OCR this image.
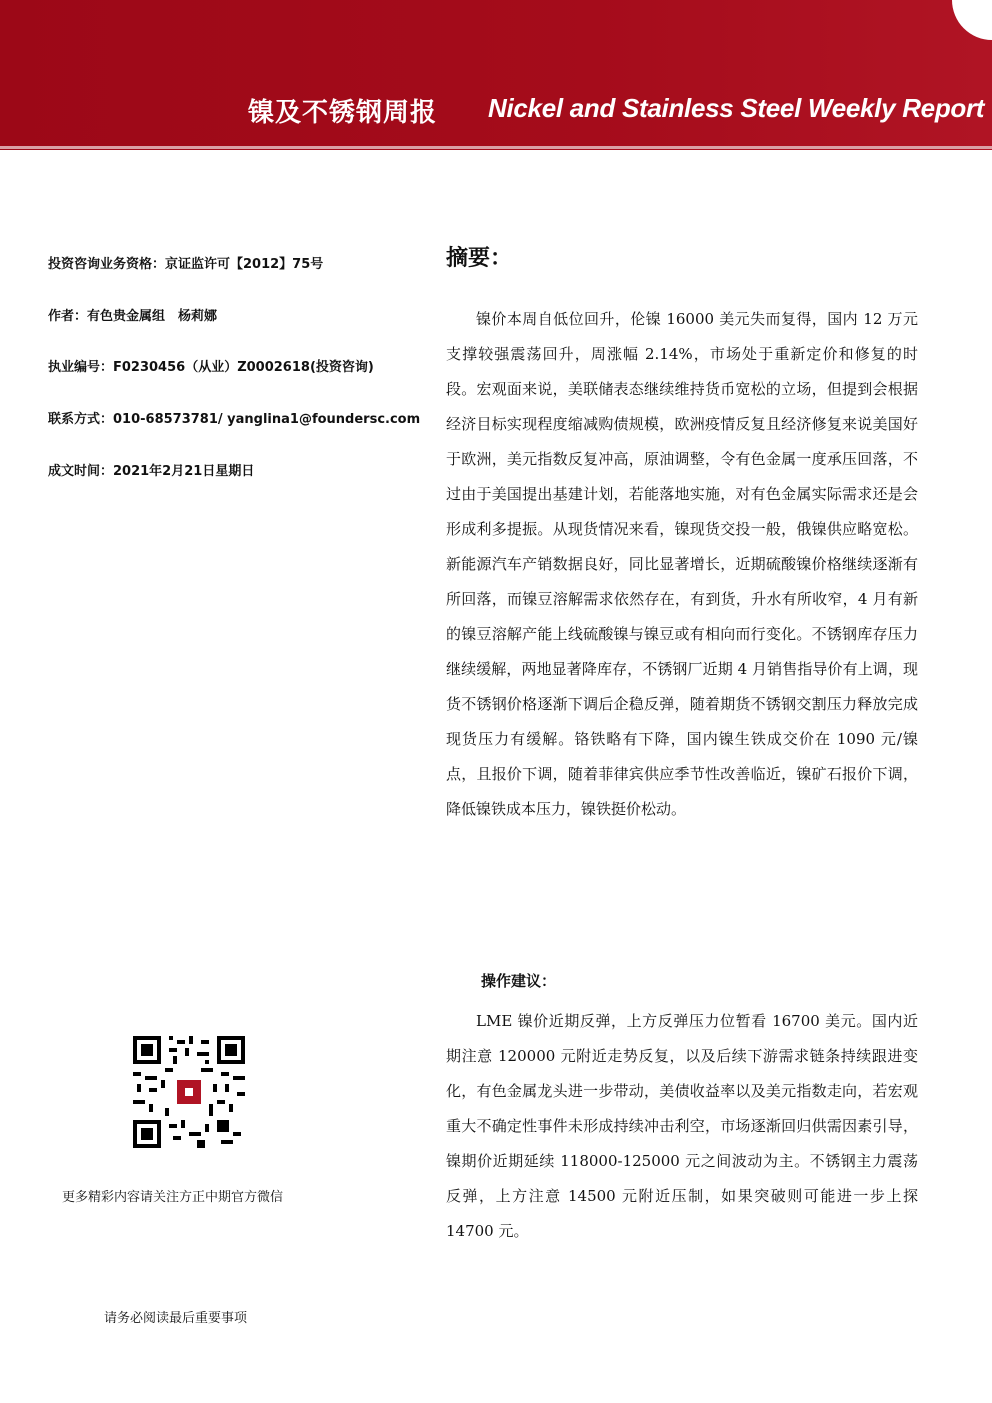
镍及不锈钢周报 Nickel and Stainless Steel Weekly Report
投资咨询业务资格：京证监许可【2012】75号
作者：有色贵金属组　杨莉娜
执业编号：F0230456（从业）Z0002618(投资咨询)
联系方式：010-68573781/ yanglina1@foundersc.com
成文时间：2021年2月21日星期日
摘要：

镍价本周自低位回升，伦镍 16000 美元失而复得，国内 12 万元支撑较强震荡回升，周涨幅 2.14%，市场处于重新定价和修复的时段。宏观面来说，美联储表态继续维持货币宽松的立场，但提到会根据经济目标实现程度缩减购债规模，欧洲疫情反复且经济修复来说美国好于欧洲，美元指数反复冲高，原油调整，令有色金属一度承压回落，不过由于美国提出基建计划，若能落地实施，对有色金属实际需求还是会形成利多提振。从现货情况来看，镍现货交投一般，俄镍供应略宽松。新能源汽车产销数据良好，同比显著增长，近期硫酸镍价格继续逐渐有所回落，而镍豆溶解需求依然存在，有到货，升水有所收窄，4 月有新的镍豆溶解产能上线硫酸镍与镍豆或有相向而行变化。不锈钢库存压力继续缓解，两地显著降库存，不锈钢厂近期 4 月销售指导价有上调，现货不锈钢价格逐渐下调后企稳反弹，随着期货不锈钢交割压力释放完成现货压力有缓解。铬铁略有下降，国内镍生铁成交价在 1090 元/镍点，且报价下调，随着菲律宾供应季节性改善临近，镍矿石报价下调，降低镍铁成本压力，镍铁挺价松动。

操作建议：

LME 镍价近期反弹，上方反弹压力位暂看 16700 美元。国内近期注意 120000 元附近走势反复，以及后续下游需求链条持续跟进变化，有色金属龙头进一步带动，美债收益率以及美元指数走向，若宏观重大不确定性事件未形成持续冲击利空，市场逐渐回归供需因素引导，镍期价近期延续 118000-125000 元之间波动为主。不锈钢主力震荡反弹，上方注意 14500 元附近压制，如果突破则可能进一步上探 14700 元。

更多精彩内容请关注方正中期官方微信
请务必阅读最后重要事项
